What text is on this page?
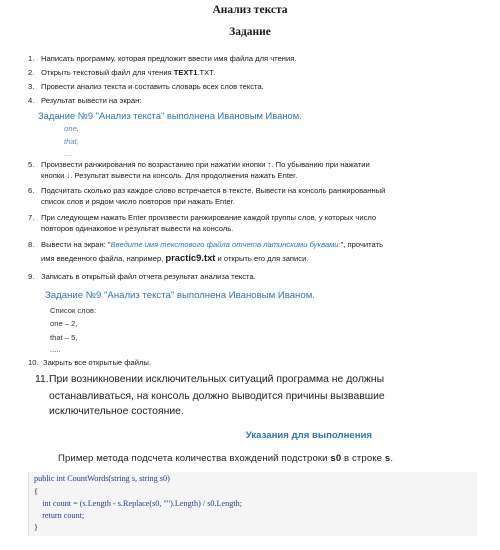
Анализ текста
Задание
1. Написать программу, которая предложит ввести имя файла для чтения.
2. Открыть текстовый файл для чтения TEXT1.TXT.
3. Провести анализ текста и составить словарь всех слов текста.
4. Результат вывести на экран:
Задание №9 "Анализ текста" выполнена Ивановым Иваном.
one,
that,
....
5. Произвести ранжирования по возрастанию при нажатии кнопки ↑. По убыванию при нажатии
кнопки ↓. Результат вывести на консоль. Для продолжения нажать Enter.
6. Подсчитать сколько раз каждое слово встречается в тексте. Вывести на консоль ранжированный
список слов и рядом число повторов при нажать Enter.
7. При следующем нажать Enter произвести ранжирование каждой группы слов, у которых число
повторов одинаковое и результат вывести на консоль.
8. Вывести на экран: "Введите имя текстового файла отчета латинскими буквами:", прочитать
имя введенного файла, например, practic9.txt и открыть его для записи.
9. Записать в открытый файл отчета результат анализа текста.
Задание №9 "Анализ текста" выполнена Ивановым Иваном.
Список слов:
one – 2,
that – 5,
.....
10. Закрыть все открытые файлы.
11.При возникновении исключительных ситуаций программа не должны
останавливаться, на консоль должно выводится причины вызвавшие
исключительное состояние.
Указания для выполнения
Пример метода подсчета количества вхождений подстроки s0 в строке s.
public int CountWords(string s, string s0)
{
int count = (s.Length - s.Replace(s0, "").Length) / s0.Length;
return count;
}
